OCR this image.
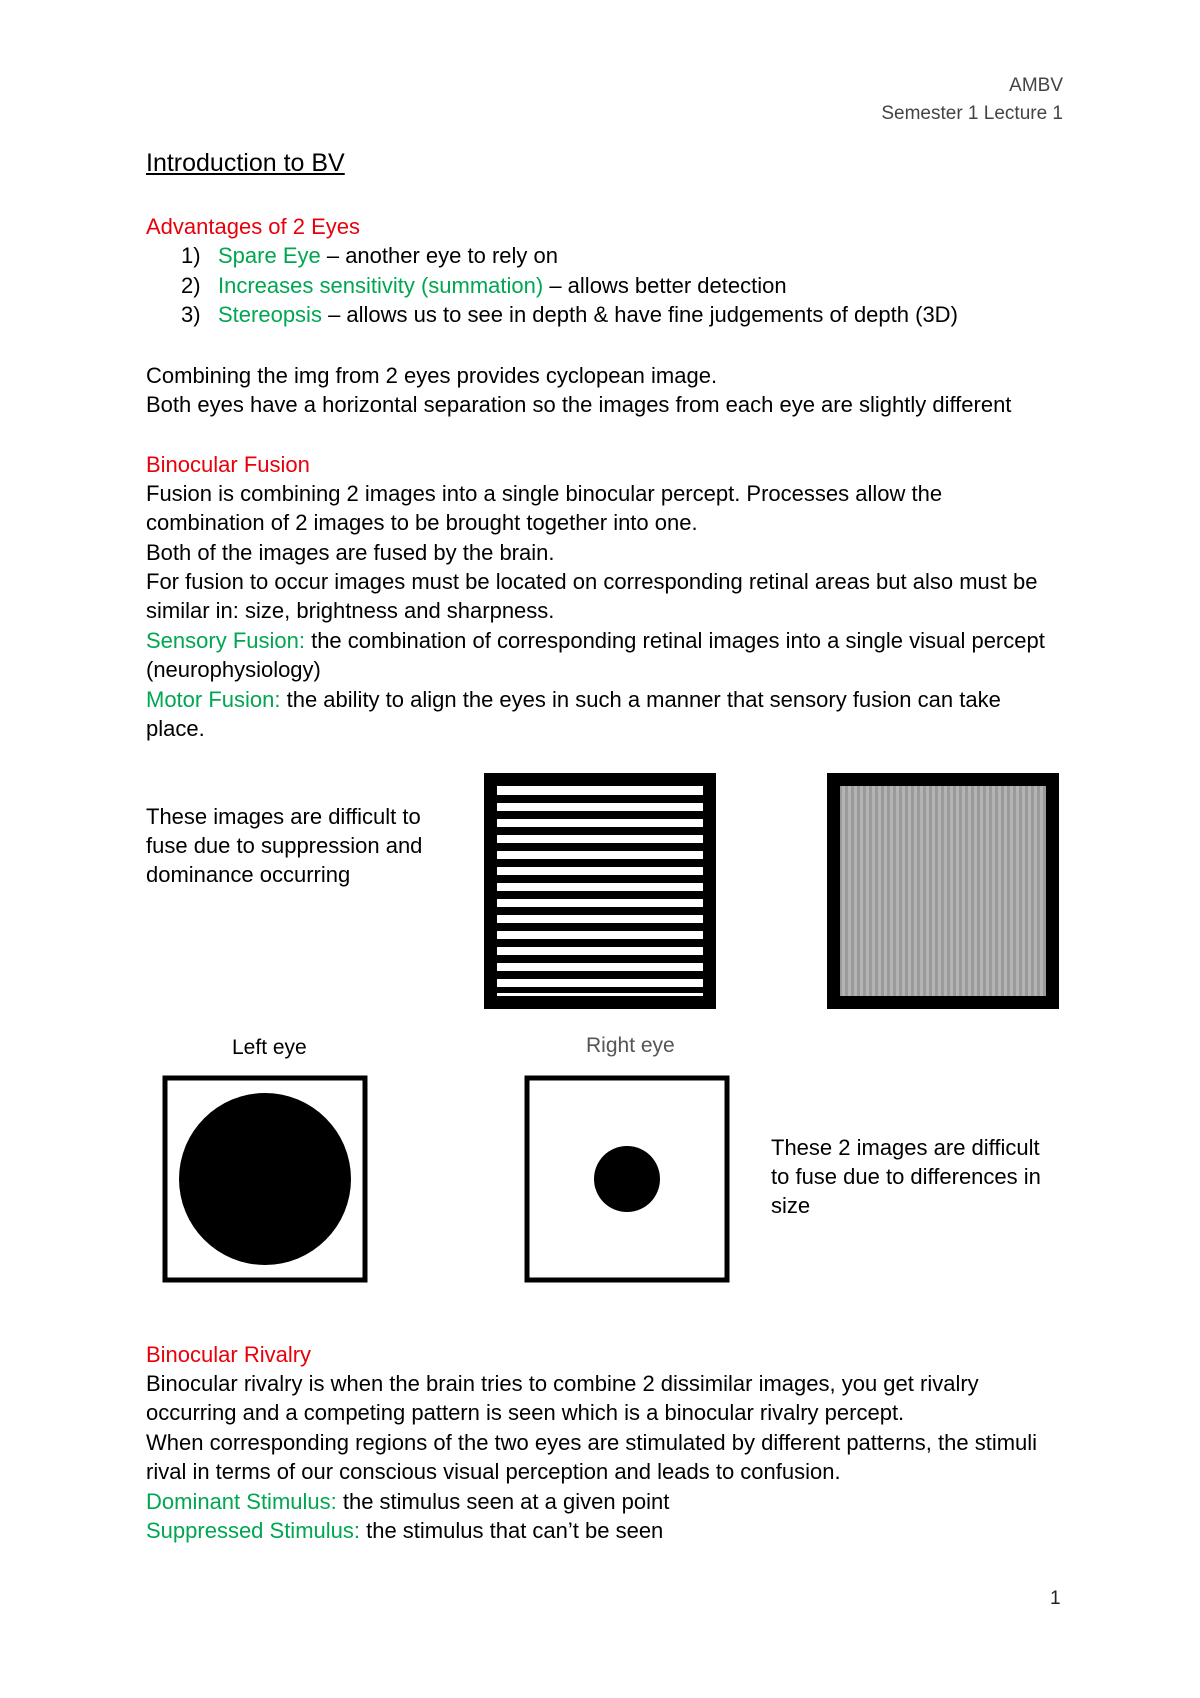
AMBV
Semester 1 Lecture 1
Introduction to BV
Advantages of 2 Eyes
1) Spare Eye – another eye to rely on
2) Increases sensitivity (summation) – allows better detection
3) Stereopsis – allows us to see in depth & have fine judgements of depth (3D)
Combining the img from 2 eyes provides cyclopean image.
Both eyes have a horizontal separation so the images from each eye are slightly different
Binocular Fusion
Fusion is combining 2 images into a single binocular percept. Processes allow the
combination of 2 images to be brought together into one.
Both of the images are fused by the brain.
For fusion to occur images must be located on corresponding retinal areas but also must be
similar in: size, brightness and sharpness.
Sensory Fusion: the combination of corresponding retinal images into a single visual percept
(neurophysiology)
Motor Fusion: the ability to align the eyes in such a manner that sensory fusion can take
place.
These images are difficult to
fuse due to suppression and
dominance occurring
Left eye	Right eye
These 2 images are difficult
to fuse due to differences in
size
Binocular Rivalry
Binocular rivalry is when the brain tries to combine 2 dissimilar images, you get rivalry
occurring and a competing pattern is seen which is a binocular rivalry percept.
When corresponding regions of the two eyes are stimulated by different patterns, the stimuli
rival in terms of our conscious visual perception and leads to confusion.
Dominant Stimulus: the stimulus seen at a given point
Suppressed Stimulus: the stimulus that can’t be seen
1
